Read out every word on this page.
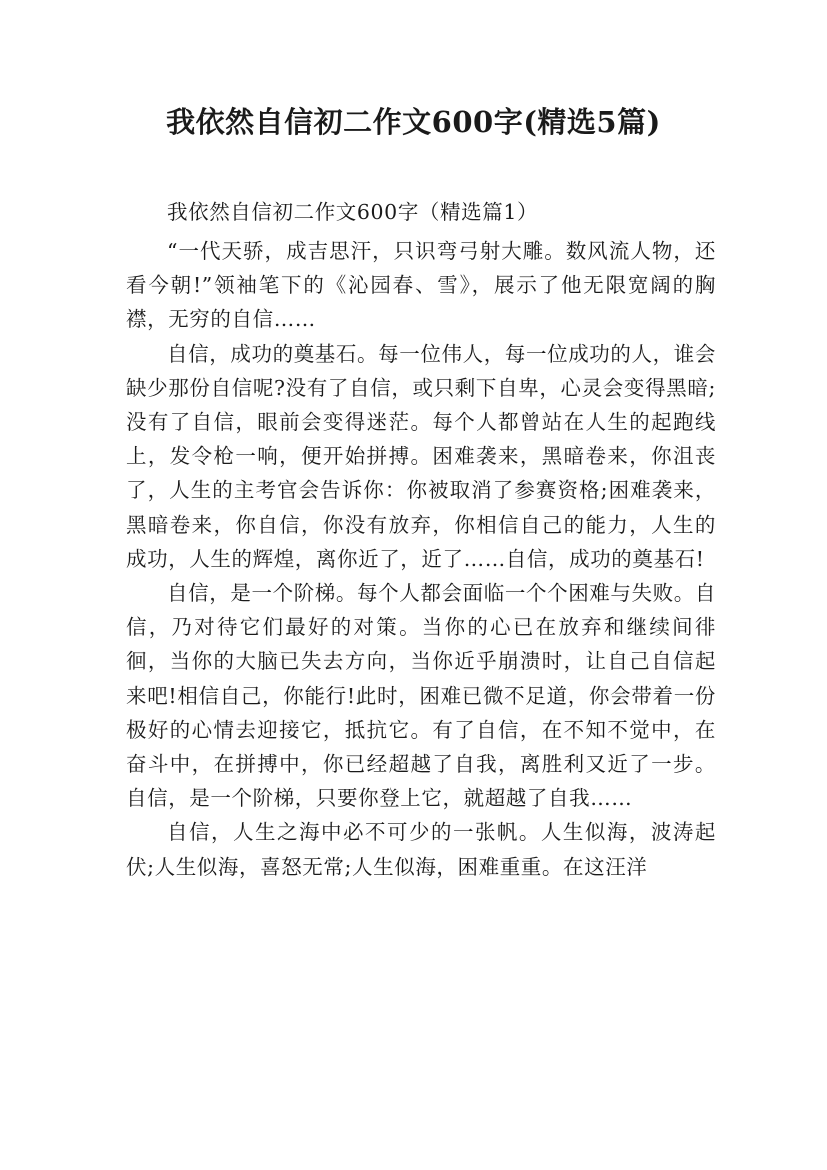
我依然自信初二作文600字(精选5篇)

我依然自信初二作文600字（精选篇1）

“一代天骄，成吉思汗，只识弯弓射大雕。数风流人物，还看今朝!”领袖笔下的《沁园春、雪》，展示了他无限宽阔的胸襟，无穷的自信……

自信，成功的奠基石。每一位伟人，每一位成功的人，谁会缺少那份自信呢?没有了自信，或只剩下自卑，心灵会变得黑暗;没有了自信，眼前会变得迷茫。每个人都曾站在人生的起跑线上，发令枪一响，便开始拼搏。困难袭来，黑暗卷来，你沮丧了，人生的主考官会告诉你：你被取消了参赛资格;困难袭来，黑暗卷来，你自信，你没有放弃，你相信自己的能力，人生的成功，人生的辉煌，离你近了，近了……自信，成功的奠基石!

自信，是一个阶梯。每个人都会面临一个个困难与失败。自信，乃对待它们最好的对策。当你的心已在放弃和继续间徘徊，当你的大脑已失去方向，当你近乎崩溃时，让自己自信起来吧!相信自己，你能行!此时，困难已微不足道，你会带着一份极好的心情去迎接它，抵抗它。有了自信，在不知不觉中，在奋斗中，在拼搏中，你已经超越了自我，离胜利又近了一步。自信，是一个阶梯，只要你登上它，就超越了自我……

自信，人生之海中必不可少的一张帆。人生似海，波涛起伏;人生似海，喜怒无常;人生似海，困难重重。在这汪洋
